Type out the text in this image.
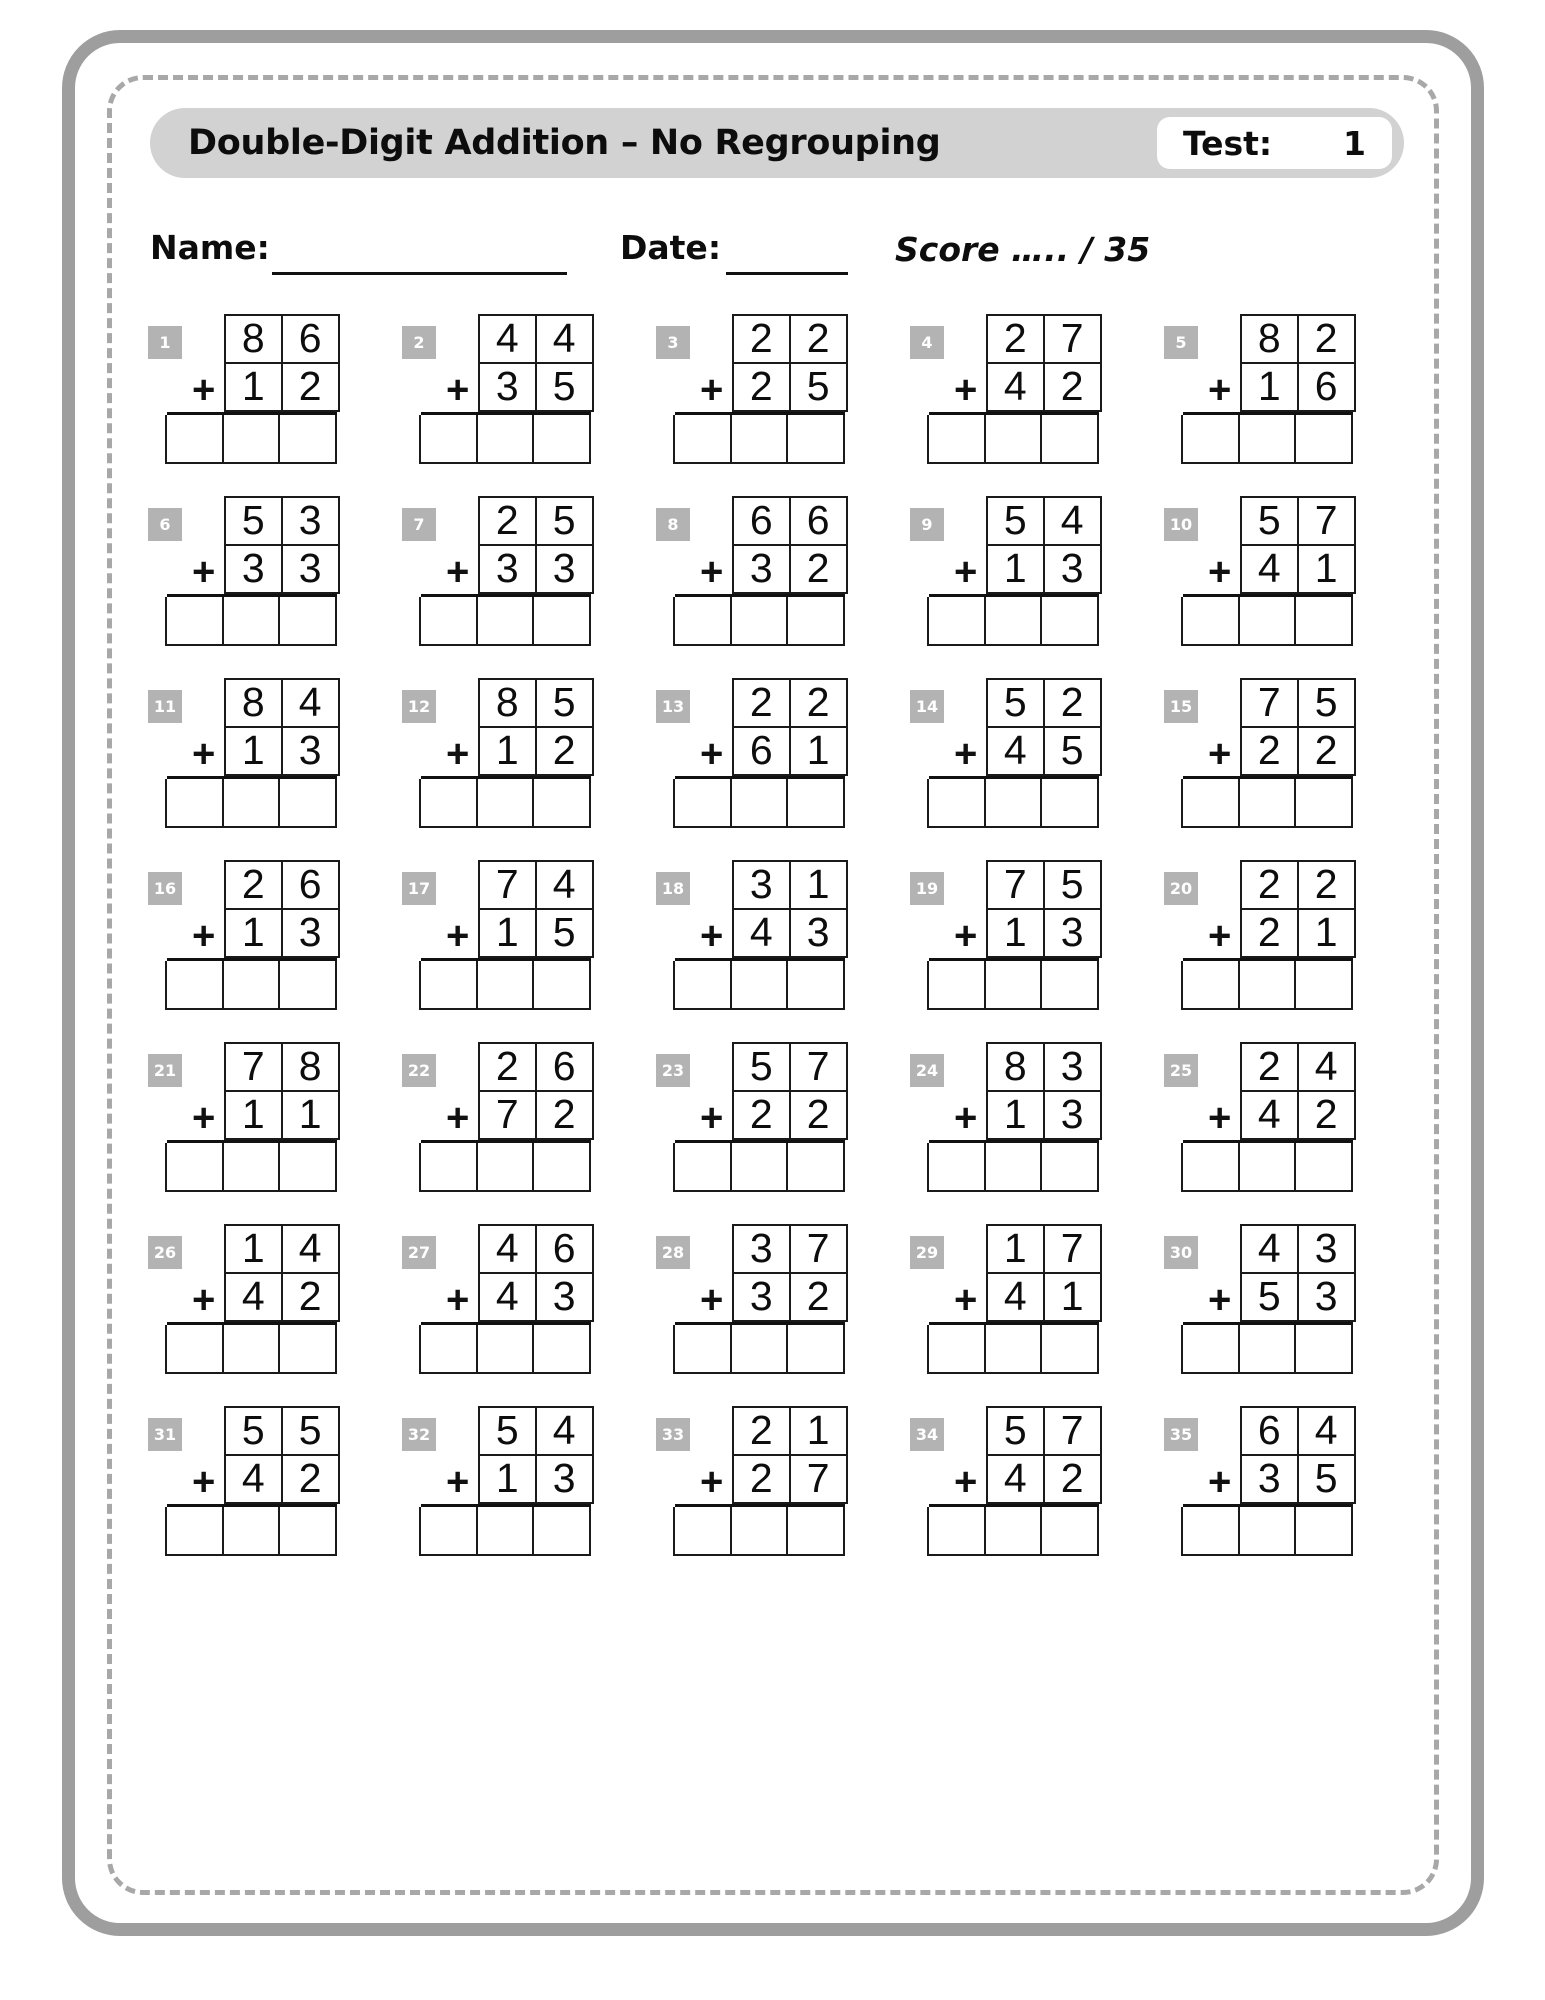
Double-Digit Addition – No Regrouping	Test: 1
Name:	Date:	Score ….. / 35
1
+
8 6
1 2
2
+
4 4
3 5
3
+
2 2
2 5
4
+
2 7
4 2
5
+
8 2
1 6
6
+
5 3
3 3
7
+
2 5
3 3
8
+
6 6
3 2
9
+
5 4
1 3
10
+
5 7
4 1
11
+
8 4
1 3
12
+
8 5
1 2
13
+
2 2
6 1
14
+
5 2
4 5
15
+
7 5
2 2
16
+
2 6
1 3
17
+
7 4
1 5
18
+
3 1
4 3
19
+
7 5
1 3
20
+
2 2
2 1
21
+
7 8
1 1
22
+
2 6
7 2
23
+
5 7
2 2
24
+
8 3
1 3
25
+
2 4
4 2
26
+
1 4
4 2
27
+
4 6
4 3
28
+
3 7
3 2
29
+
1 7
4 1
30
+
4 3
5 3
31
+
5 5
4 2
32
+
5 4
1 3
33
+
2 1
2 7
34
+
5 7
4 2
35
+
6 4
3 5
